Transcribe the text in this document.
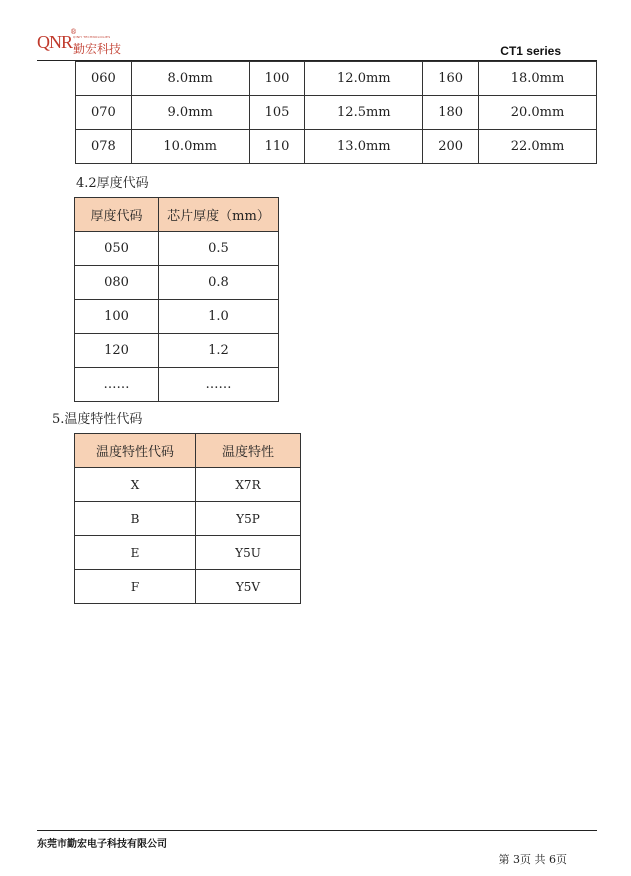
QNR
®
QINH TECHNOLOGIES
勤宏科技	CT1 series
060	8.0mm	100	12.0mm	160	18.0mm
070	9.0mm	105	12.5mm	180	20.0mm
078	10.0mm	110	13.0mm	200	22.0mm
4.2厚度代码
厚度代码	芯片厚度（mm）
050	0.5
080	0.8
100	1.0
120	1.2
……	……
5.温度特性代码
温度特性代码	温度特性
X	X7R
B	Y5P
E	Y5U
F	Y5V
东莞市勤宏电子科技有限公司
第 3页 共 6页
